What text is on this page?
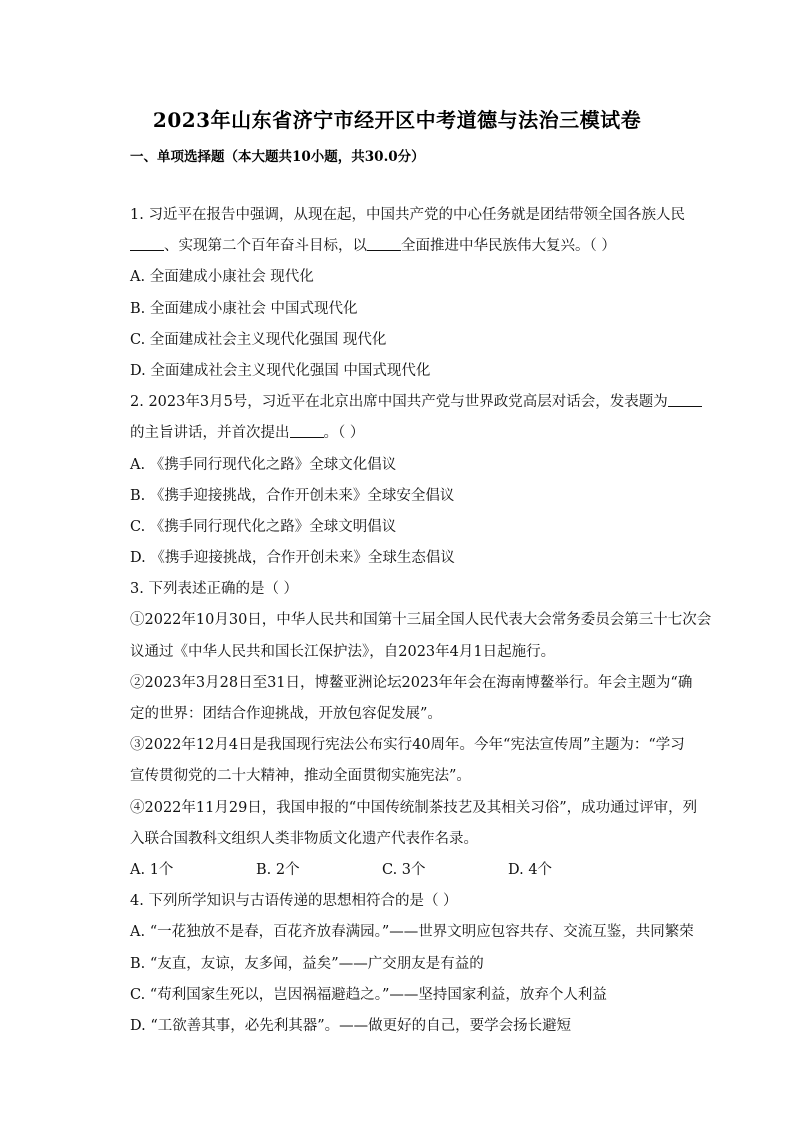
2023年山东省济宁市经开区中考道德与法治三模试卷
一、单项选择题（本大题共10小题，共30.0分）
1. 习近平在报告中强调，从现在起，中国共产党的中心任务就是团结带领全国各族人民
、实现第二个百年奋斗目标，以 全面推进中华民族伟大复兴。（ ）
A. 全面建成小康社会 现代化
B. 全面建成小康社会 中国式现代化
C. 全面建成社会主义现代化强国 现代化
D. 全面建成社会主义现代化强国 中国式现代化
2. 2023年3月5号，习近平在北京出席中国共产党与世界政党高层对话会，发表题为
的主旨讲话，并首次提出 。（ ）
A. 《携手同行现代化之路》全球文化倡议
B. 《携手迎接挑战，合作开创未来》全球安全倡议
C. 《携手同行现代化之路》全球文明倡议
D. 《携手迎接挑战，合作开创未来》全球生态倡议
3. 下列表述正确的是（ ）
①2022年10月30日，中华人民共和国第十三届全国人民代表大会常务委员会第三十七次会
议通过《中华人民共和国长江保护法》，自2023年4月1日起施行。
②2023年3月28日至31日，博鳌亚洲论坛2023年年会在海南博鳌举行。年会主题为“确
定的世界：团结合作迎挑战，开放包容促发展”。
③2022年12月4日是我国现行宪法公布实行40周年。今年“宪法宣传周”主题为：“学习
宣传贯彻党的二十大精神，推动全面贯彻实施宪法”。
④2022年11月29日，我国申报的“中国传统制茶技艺及其相关习俗”，成功通过评审，列
入联合国教科文组织人类非物质文化遗产代表作名录。
A. 1个	B. 2个	C. 3个	D. 4个
4. 下列所学知识与古语传递的思想相符合的是（ ）
A. “一花独放不是春，百花齐放春满园。”——世界文明应包容共存、交流互鉴，共同繁荣
B. “友直，友谅，友多闻，益矣”——广交朋友是有益的
C. “苟利国家生死以，岂因祸福避趋之。”——坚持国家利益，放弃个人利益
D. “工欲善其事，必先利其器”。——做更好的自己，要学会扬长避短
